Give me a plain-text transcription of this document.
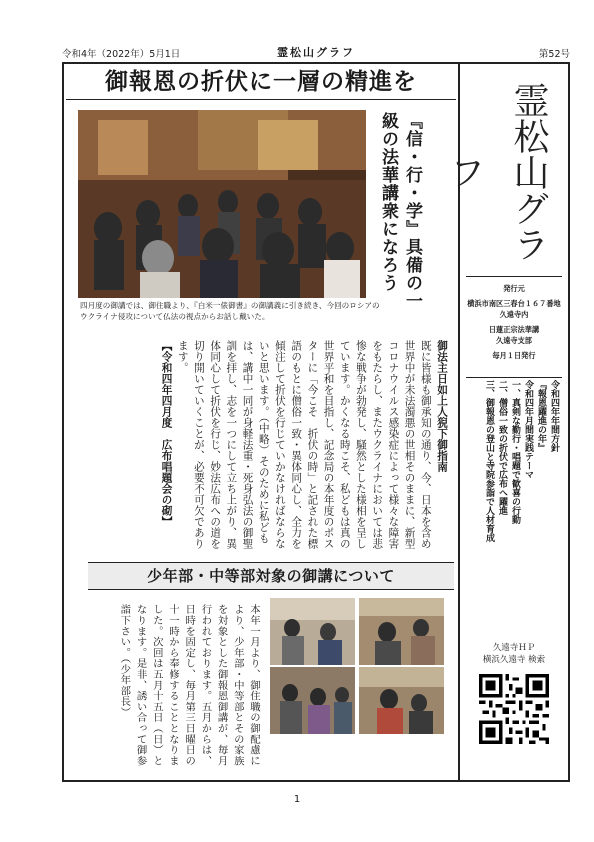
令和4年（2022年）5月1日	霊松山グラフ	第52号
御報恩の折伏に一層の精進を
四月度の御講では、御住職より、『白米一俵御書』の御講義に引き続き、今回のロシアのウクライナ侵攻について仏法の視点からお話し戴いた。
『信・行・学』具備の一級の法華講衆になろう
御法主日如上人猊下御指南
既に皆様も御承知の通り、今、日本を含め世界中が未法濁悪の世相そのままに、新型コロナウイルス感染症によって様々な障害をもたらし、またウクライナにおいては悲惨な戦争が勃発し、騒然とした様相を呈しています。かくなる時こそ、私どもは真の世界平和を目指し、記念局の本年度のポスターに「今こそ　折伏の時」と記された標語のもとに僧俗一致・異体同心し、全力を傾注して折伏を行じていかなければならないと思います。（中略）そのために私どもは、講中一同が身軽法重・死身弘法の御聖訓を拝し、志を一つにして立ち上がり、異体同心して折伏を行じ、妙法広布への道を切り開いていくことが、必要不可欠であります。
【令和四年四月度　広布唱題会の砌】
少年部・中等部対象の御講について
本年一月より、御住職の御配慮により、少年部・中等部とその家族を対象とした御報恩御講が、毎月行われております。五月からは、日時を固定し、毎月第三日曜日の十一時から奉修することとなりました。次回は五月十五日（日）となります。是非、誘い合って御参詣下さい。（少年部長）
霊松山グラフ
発行元
横浜市南区三春台１６７番地　久遠寺内
日蓮正宗法華講
久遠寺支部
毎月１日発行
令和四年年間方針
『報恩躍進の年』
令和四年月間実践テーマ
一、真剣な勤行・唱題で歓喜の行動
二、僧俗一致の折伏で広布へ躍進
三、御報恩の登山と寺院参詣で人材育成
久遠寺ＨＰ
横浜久遠寺 検索
1
